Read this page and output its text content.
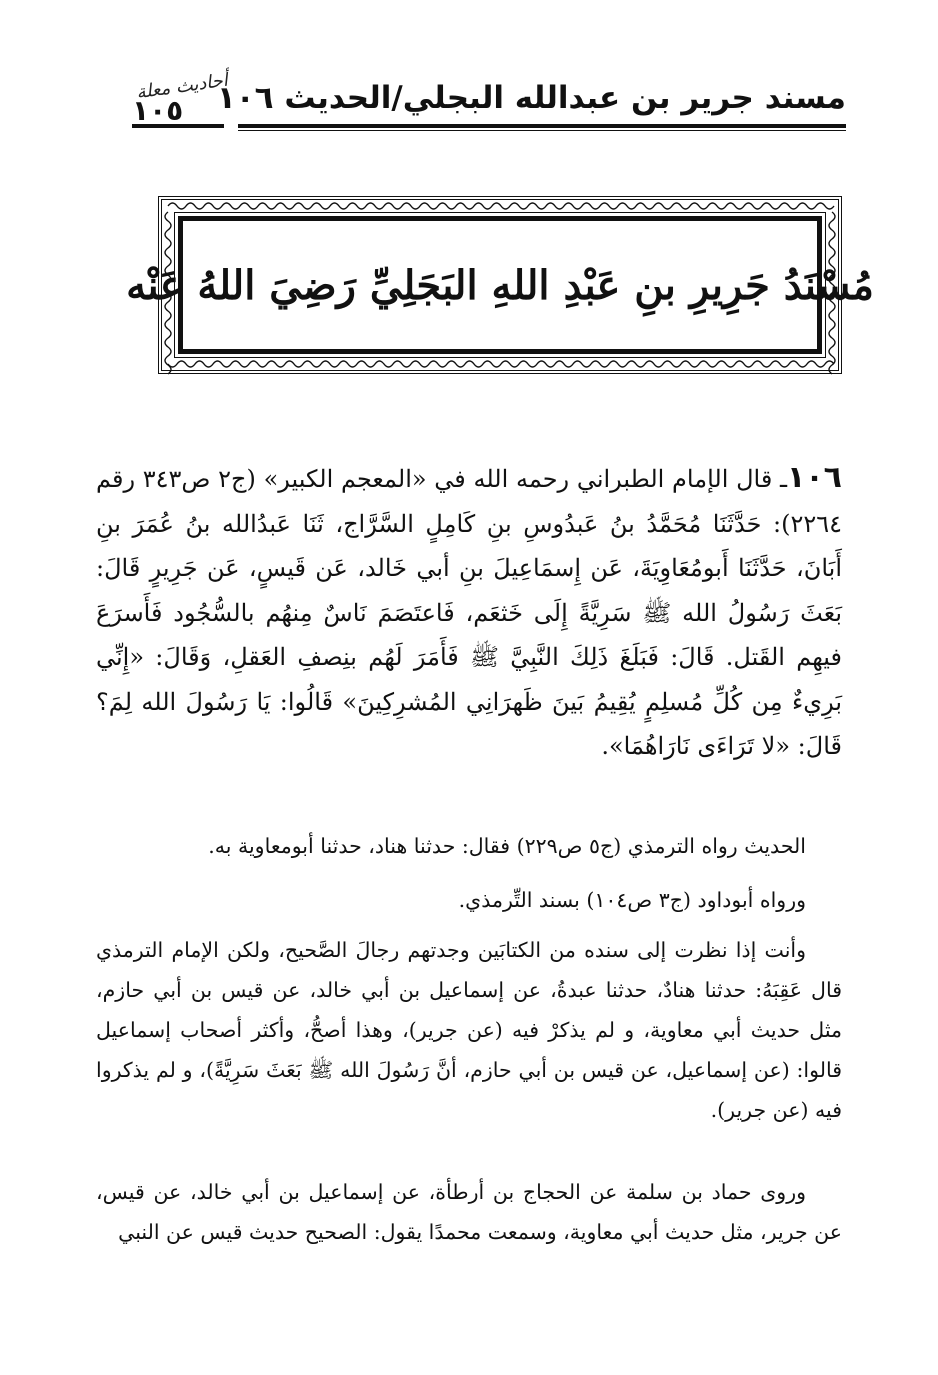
مسند جرير بن عبدالله البجلي/الحديث ١٠٦
أحاديث معلة
١٠٥
مُسْنَدُ جَرِيرِ بنِ عَبْدِ اللهِ البَجَلِيِّ رَضِيَ اللهُ عَنْه
١٠٦ـ قال الإمام الطبراني رحمه الله في «المعجم الكبير» (ج٢ ص٣٤٣ رقم ٢٢٦٤): حَدَّثَنَا مُحَمَّدُ بنُ عَبدُوسِ بنِ كَامِلٍ السَّرَّاج، ثَنَا عَبدُالله بنُ عُمَرَ بنِ أَبَانَ، حَدَّثَنَا أَبومُعَاوِيَةَ، عَن إِسمَاعِيلَ بنِ أبي خَالد، عَن قَيسٍ، عَن جَرِيرٍ قَالَ: بَعَثَ رَسُولُ الله ﷺ سَرِيَّةً إِلَى خَثعَم، فَاعتَصَمَ نَاسٌ مِنهُم بالسُّجُود فَأَسرَعَ فيهِم القَتل. قَالَ: فَبَلَغَ ذَلِكَ النَّبِيَّ ﷺ فَأَمَرَ لَهُم بنِصفِ العَقلِ، وَقَالَ: «إِنِّي بَرِيءٌ مِن كُلِّ مُسلِمٍ يُقِيمُ بَينَ ظَهرَانِي المُشرِكِينَ» قَالُوا: يَا رَسُولَ الله لِمَ؟ قَالَ: «لا تَرَاءَى نَارَاهُمَا».
الحديث رواه الترمذي (ج٥ ص٢٢٩) فقال: حدثنا هناد، حدثنا أبومعاوية به.
ورواه أبوداود (ج٣ ص١٠٤) بسند التِّرمذي.
وأنت إذا نظرت إلى سنده من الكتابَين وجدتهم رجالَ الصَّحيح، ولكن الإمام الترمذي قال عَقِبَهُ: حدثنا هنادٌ، حدثنا عبدةُ، عن إسماعيل بن أبي خالد، عن قيس بن أبي حازم، مثل حديث أبي معاوية، و لم يذكرْ فيه (عن جرير)، وهذا أصحُّ، وأكثر أصحاب إسماعيل قالوا: (عن إسماعيل، عن قيس بن أبي حازم، أنَّ رَسُولَ الله ﷺ بَعَثَ سَرِيَّةً)، و لم يذكروا فيه (عن جرير).
وروى حماد بن سلمة عن الحجاج بن أرطأة، عن إسماعيل بن أبي خالد، عن قيس، عن جرير، مثل حديث أبي معاوية، وسمعت محمدًا يقول: الصحيح حديث قيس عن النبي
